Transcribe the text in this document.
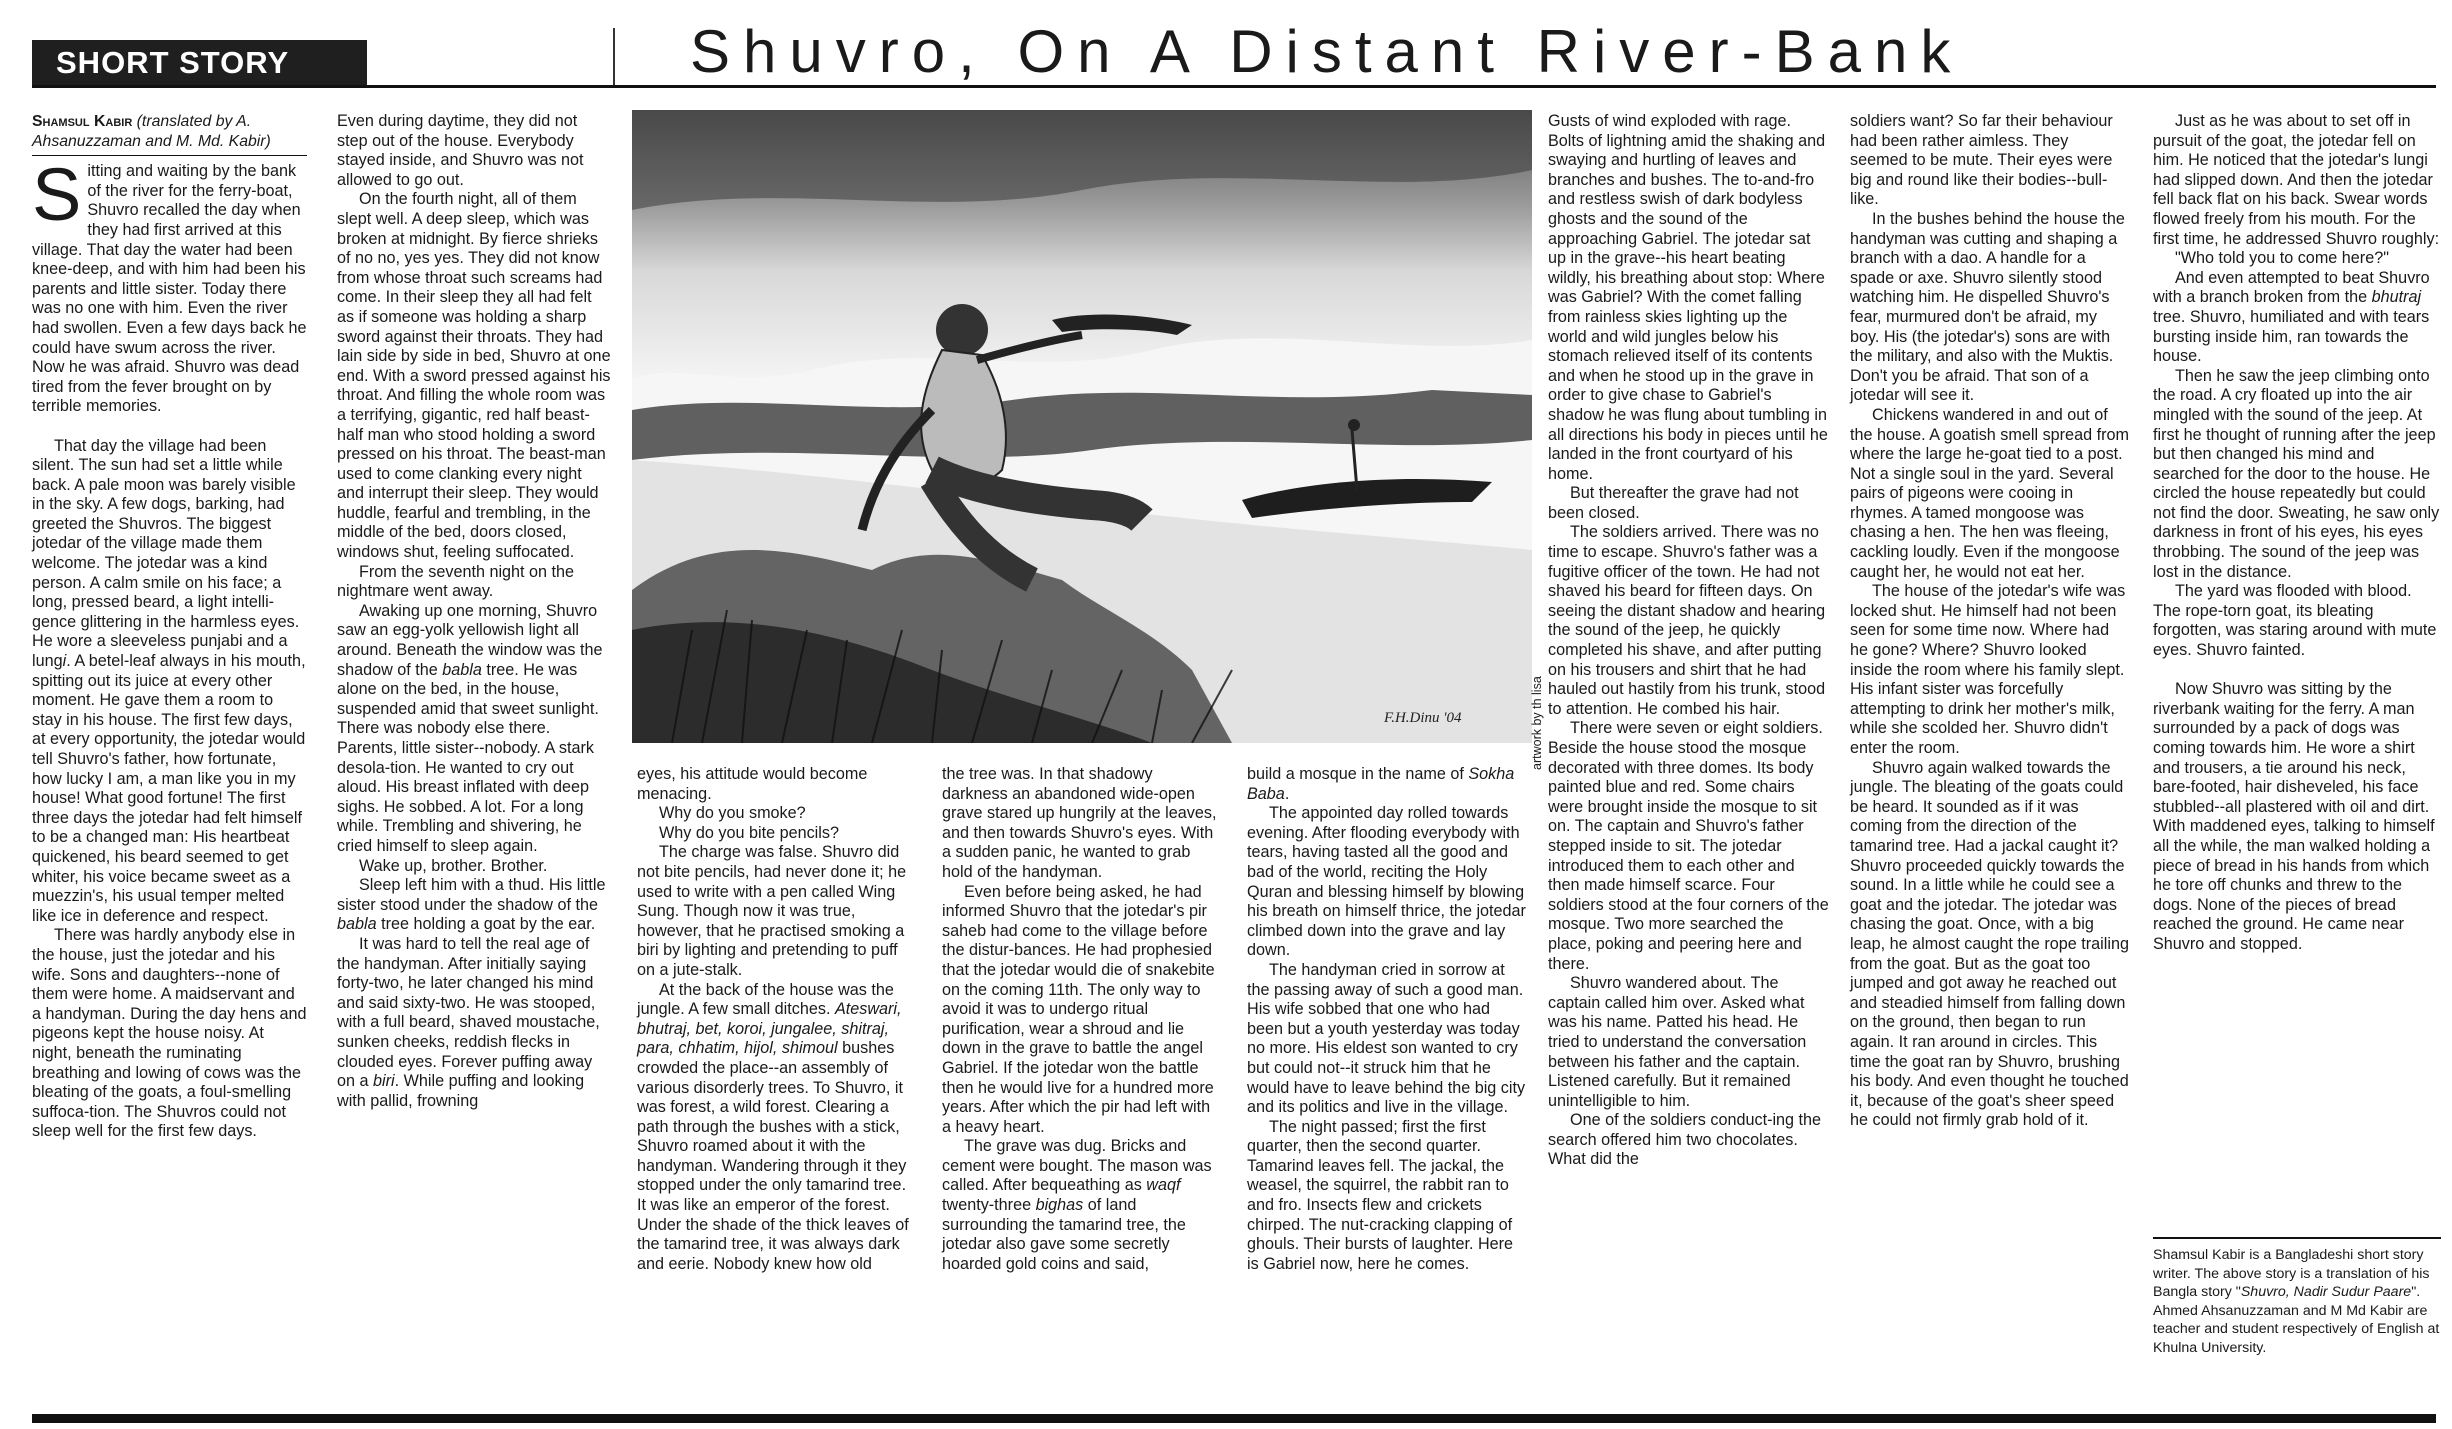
SHORT STORY	Shuvro, On A Distant River-Bank
Shamsul Kabir (translated by A. Ahsanuzzaman and M. Md. Kabir)

Sitting and waiting by the bank of the river for the ferry-boat, Shuvro recalled the day when they had first arrived at this village. That day the water had been knee-deep, and with him had been his parents and little sister. Today there was no one with him. Even the river had swollen. Even a few days back he could have swum across the river. Now he was afraid. Shuvro was dead tired from the fever brought on by terrible memories.

That day the village had been silent. The sun had set a little while back. A pale moon was barely visible in the sky. A few dogs, barking, had greeted the Shuvros. The biggest jotedar of the village made them welcome. The jotedar was a kind person. A calm smile on his face; a long, pressed beard, a light intelli-gence glittering in the harmless eyes. He wore a sleeveless punjabi and a lungi. A betel-leaf always in his mouth, spitting out its juice at every other moment. He gave them a room to stay in his house. The first few days, at every opportunity, the jotedar would tell Shuvro's father, how fortunate, how lucky I am, a man like you in my house! What good fortune! The first three days the jotedar had felt himself to be a changed man: His heartbeat quickened, his beard seemed to get whiter, his voice became sweet as a muezzin's, his usual temper melted like ice in deference and respect.

There was hardly anybody else in the house, just the jotedar and his wife. Sons and daughters--none of them were home. A maidservant and a handyman. During the day hens and pigeons kept the house noisy. At night, beneath the ruminating breathing and lowing of cows was the bleating of the goats, a foul-smelling suffoca-tion. The Shuvros could not sleep well for the first few days.

Even during daytime, they did not step out of the house. Everybody stayed inside, and Shuvro was not allowed to go out.

On the fourth night, all of them slept well. A deep sleep, which was broken at midnight. By fierce shrieks of no no, yes yes. They did not know from whose throat such screams had come. In their sleep they all had felt as if someone was holding a sharp sword against their throats. They had lain side by side in bed, Shuvro at one end. With a sword pressed against his throat. And filling the whole room was a terrifying, gigantic, red half beast-half man who stood holding a sword pressed on his throat. The beast-man used to come clanking every night and interrupt their sleep. They would huddle, fearful and trembling, in the middle of the bed, doors closed, windows shut, feeling suffocated.

From the seventh night on the nightmare went away.

Awaking up one morning, Shuvro saw an egg-yolk yellowish light all around. Beneath the window was the shadow of the babla tree. He was alone on the bed, in the house, suspended amid that sweet sunlight. There was nobody else there. Parents, little sister--nobody. A stark desola-tion. He wanted to cry out aloud. His breast inflated with deep sighs. He sobbed. A lot. For a long while. Trembling and shivering, he cried himself to sleep again.

Wake up, brother. Brother.

Sleep left him with a thud. His little sister stood under the shadow of the babla tree holding a goat by the ear.

It was hard to tell the real age of the handyman. After initially saying forty-two, he later changed his mind and said sixty-two. He was stooped, with a full beard, shaved moustache, sunken cheeks, reddish flecks in clouded eyes. Forever puffing away on a biri. While puffing and looking with pallid, frowning

F.H.Dinu '04	artwork by th lisa

eyes, his attitude would become menacing.

Why do you smoke?

Why do you bite pencils?

The charge was false. Shuvro did not bite pencils, had never done it; he used to write with a pen called Wing Sung. Though now it was true, however, that he practised smoking a biri by lighting and pretending to puff on a jute-stalk.

At the back of the house was the jungle. A few small ditches. Ateswari, bhutraj, bet, koroi, jungalee, shitraj, para, chhatim, hijol, shimoul bushes crowded the place--an assembly of various disorderly trees. To Shuvro, it was forest, a wild forest. Clearing a path through the bushes with a stick, Shuvro roamed about it with the handyman. Wandering through it they stopped under the only tamarind tree. It was like an emperor of the forest. Under the shade of the thick leaves of the tamarind tree, it was always dark and eerie. Nobody knew how old

the tree was. In that shadowy darkness an abandoned wide-open grave stared up hungrily at the leaves, and then towards Shuvro's eyes. With a sudden panic, he wanted to grab hold of the handyman.

Even before being asked, he had informed Shuvro that the jotedar's pir saheb had come to the village before the distur-bances. He had prophesied that the jotedar would die of snakebite on the coming 11th. The only way to avoid it was to undergo ritual purification, wear a shroud and lie down in the grave to battle the angel Gabriel. If the jotedar won the battle then he would live for a hundred more years. After which the pir had left with a heavy heart.

The grave was dug. Bricks and cement were bought. The mason was called. After bequeathing as waqf twenty-three bighas of land surrounding the tamarind tree, the jotedar also gave some secretly hoarded gold coins and said,

build a mosque in the name of Sokha Baba.

The appointed day rolled towards evening. After flooding everybody with tears, having tasted all the good and bad of the world, reciting the Holy Quran and blessing himself by blowing his breath on himself thrice, the jotedar climbed down into the grave and lay down.

The handyman cried in sorrow at the passing away of such a good man. His wife sobbed that one who had been but a youth yesterday was today no more. His eldest son wanted to cry but could not--it struck him that he would have to leave behind the big city and its politics and live in the village.

The night passed; first the first quarter, then the second quarter. Tamarind leaves fell. The jackal, the weasel, the squirrel, the rabbit ran to and fro. Insects flew and crickets chirped. The nut-cracking clapping of ghouls. Their bursts of laughter. Here is Gabriel now, here he comes.

Gusts of wind exploded with rage. Bolts of lightning amid the shaking and swaying and hurtling of leaves and branches and bushes. The to-and-fro and restless swish of dark bodyless ghosts and the sound of the approaching Gabriel. The jotedar sat up in the grave--his heart beating wildly, his breathing about stop: Where was Gabriel? With the comet falling from rainless skies lighting up the world and wild jungles below his stomach relieved itself of its contents and when he stood up in the grave in order to give chase to Gabriel's shadow he was flung about tumbling in all directions his body in pieces until he landed in the front courtyard of his home.

But thereafter the grave had not been closed.

The soldiers arrived. There was no time to escape. Shuvro's father was a fugitive officer of the town. He had not shaved his beard for fifteen days. On seeing the distant shadow and hearing the sound of the jeep, he quickly completed his shave, and after putting on his trousers and shirt that he had hauled out hastily from his trunk, stood to attention. He combed his hair.

There were seven or eight soldiers. Beside the house stood the mosque decorated with three domes. Its body painted blue and red. Some chairs were brought inside the mosque to sit on. The captain and Shuvro's father stepped inside to sit. The jotedar introduced them to each other and then made himself scarce. Four soldiers stood at the four corners of the mosque. Two more searched the place, poking and peering here and there.

Shuvro wandered about. The captain called him over. Asked what was his name. Patted his head. He tried to understand the conversation between his father and the captain. Listened carefully. But it remained unintelligible to him.

One of the soldiers conduct-ing the search offered him two chocolates. What did the

soldiers want? So far their behaviour had been rather aimless. They seemed to be mute. Their eyes were big and round like their bodies--bull-like.

In the bushes behind the house the handyman was cutting and shaping a branch with a dao. A handle for a spade or axe. Shuvro silently stood watching him. He dispelled Shuvro's fear, murmured don't be afraid, my boy. His (the jotedar's) sons are with the military, and also with the Muktis. Don't you be afraid. That son of a jotedar will see it.

Chickens wandered in and out of the house. A goatish smell spread from where the large he-goat tied to a post. Not a single soul in the yard. Several pairs of pigeons were cooing in rhymes. A tamed mongoose was chasing a hen. The hen was fleeing, cackling loudly. Even if the mongoose caught her, he would not eat her.

The house of the jotedar's wife was locked shut. He himself had not been seen for some time now. Where had he gone? Where? Shuvro looked inside the room where his family slept. His infant sister was forcefully attempting to drink her mother's milk, while she scolded her. Shuvro didn't enter the room.

Shuvro again walked towards the jungle. The bleating of the goats could be heard. It sounded as if it was coming from the direction of the tamarind tree. Had a jackal caught it? Shuvro proceeded quickly towards the sound. In a little while he could see a goat and the jotedar. The jotedar was chasing the goat. Once, with a big leap, he almost caught the rope trailing from the goat. But as the goat too jumped and got away he reached out and steadied himself from falling down on the ground, then began to run again. It ran around in circles. This time the goat ran by Shuvro, brushing his body. And even thought he touched it, because of the goat's sheer speed he could not firmly grab hold of it.

Just as he was about to set off in pursuit of the goat, the jotedar fell on him. He noticed that the jotedar's lungi had slipped down. And then the jotedar fell back flat on his back. Swear words flowed freely from his mouth. For the first time, he addressed Shuvro roughly:

"Who told you to come here?"

And even attempted to beat Shuvro with a branch broken from the bhutraj tree. Shuvro, humiliated and with tears bursting inside him, ran towards the house.

Then he saw the jeep climbing onto the road. A cry floated up into the air mingled with the sound of the jeep. At first he thought of running after the jeep but then changed his mind and searched for the door to the house. He circled the house repeatedly but could not find the door. Sweating, he saw only darkness in front of his eyes, his eyes throbbing. The sound of the jeep was lost in the distance.

The yard was flooded with blood. The rope-torn goat, its bleating forgotten, was staring around with mute eyes. Shuvro fainted.

Now Shuvro was sitting by the riverbank waiting for the ferry. A man surrounded by a pack of dogs was coming towards him. He wore a shirt and trousers, a tie around his neck, bare-footed, hair disheveled, his face stubbled--all plastered with oil and dirt. With maddened eyes, talking to himself all the while, the man walked holding a piece of bread in his hands from which he tore off chunks and threw to the dogs. None of the pieces of bread reached the ground. He came near Shuvro and stopped.

Shamsul Kabir is a Bangladeshi short story writer. The above story is a translation of his Bangla story "Shuvro, Nadir Sudur Paare". Ahmed Ahsanuzzaman and M Md Kabir are teacher and student respectively of English at Khulna University.
